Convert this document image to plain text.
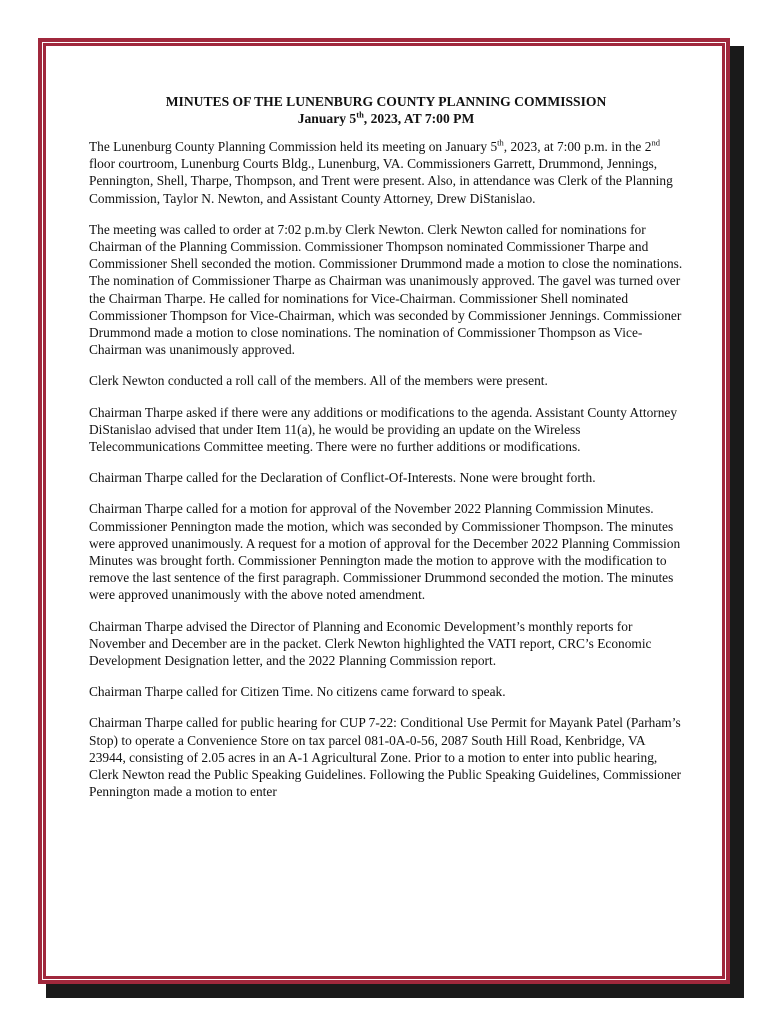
MINUTES OF THE LUNENBURG COUNTY PLANNING COMMISSION

January 5th, 2023, AT 7:00 PM

The Lunenburg County Planning Commission held its meeting on January 5th, 2023, at 7:00 p.m. in the 2nd floor courtroom, Lunenburg Courts Bldg., Lunenburg, VA. Commissioners Garrett, Drummond, Jennings, Pennington, Shell, Tharpe, Thompson, and Trent were present. Also, in attendance was Clerk of the Planning Commission, Taylor N. Newton, and Assistant County Attorney, Drew DiStanislao.

The meeting was called to order at 7:02 p.m.by Clerk Newton. Clerk Newton called for nominations for Chairman of the Planning Commission. Commissioner Thompson nominated Commissioner Tharpe and Commissioner Shell seconded the motion. Commissioner Drummond made a motion to close the nominations. The nomination of Commissioner Tharpe as Chairman was unanimously approved. The gavel was turned over the Chairman Tharpe. He called for nominations for Vice-Chairman. Commissioner Shell nominated Commissioner Thompson for Vice-Chairman, which was seconded by Commissioner Jennings. Commissioner Drummond made a motion to close nominations. The nomination of Commissioner Thompson as Vice-Chairman was unanimously approved.

Clerk Newton conducted a roll call of the members. All of the members were present.

Chairman Tharpe asked if there were any additions or modifications to the agenda. Assistant County Attorney DiStanislao advised that under Item 11(a), he would be providing an update on the Wireless Telecommunications Committee meeting. There were no further additions or modifications.

Chairman Tharpe called for the Declaration of Conflict-Of-Interests. None were brought forth.

Chairman Tharpe called for a motion for approval of the November 2022 Planning Commission Minutes. Commissioner Pennington made the motion, which was seconded by Commissioner Thompson. The minutes were approved unanimously. A request for a motion of approval for the December 2022 Planning Commission Minutes was brought forth. Commissioner Pennington made the motion to approve with the modification to remove the last sentence of the first paragraph. Commissioner Drummond seconded the motion. The minutes were approved unanimously with the above noted amendment.

Chairman Tharpe advised the Director of Planning and Economic Development’s monthly reports for November and December are in the packet. Clerk Newton highlighted the VATI report, CRC’s Economic Development Designation letter, and the 2022 Planning Commission report.

Chairman Tharpe called for Citizen Time. No citizens came forward to speak.

Chairman Tharpe called for public hearing for CUP 7-22: Conditional Use Permit for Mayank Patel (Parham’s Stop) to operate a Convenience Store on tax parcel 081-0A-0-56, 2087 South Hill Road, Kenbridge, VA 23944, consisting of 2.05 acres in an A-1 Agricultural Zone. Prior to a motion to enter into public hearing, Clerk Newton read the Public Speaking Guidelines. Following the Public Speaking Guidelines, Commissioner Pennington made a motion to enter
